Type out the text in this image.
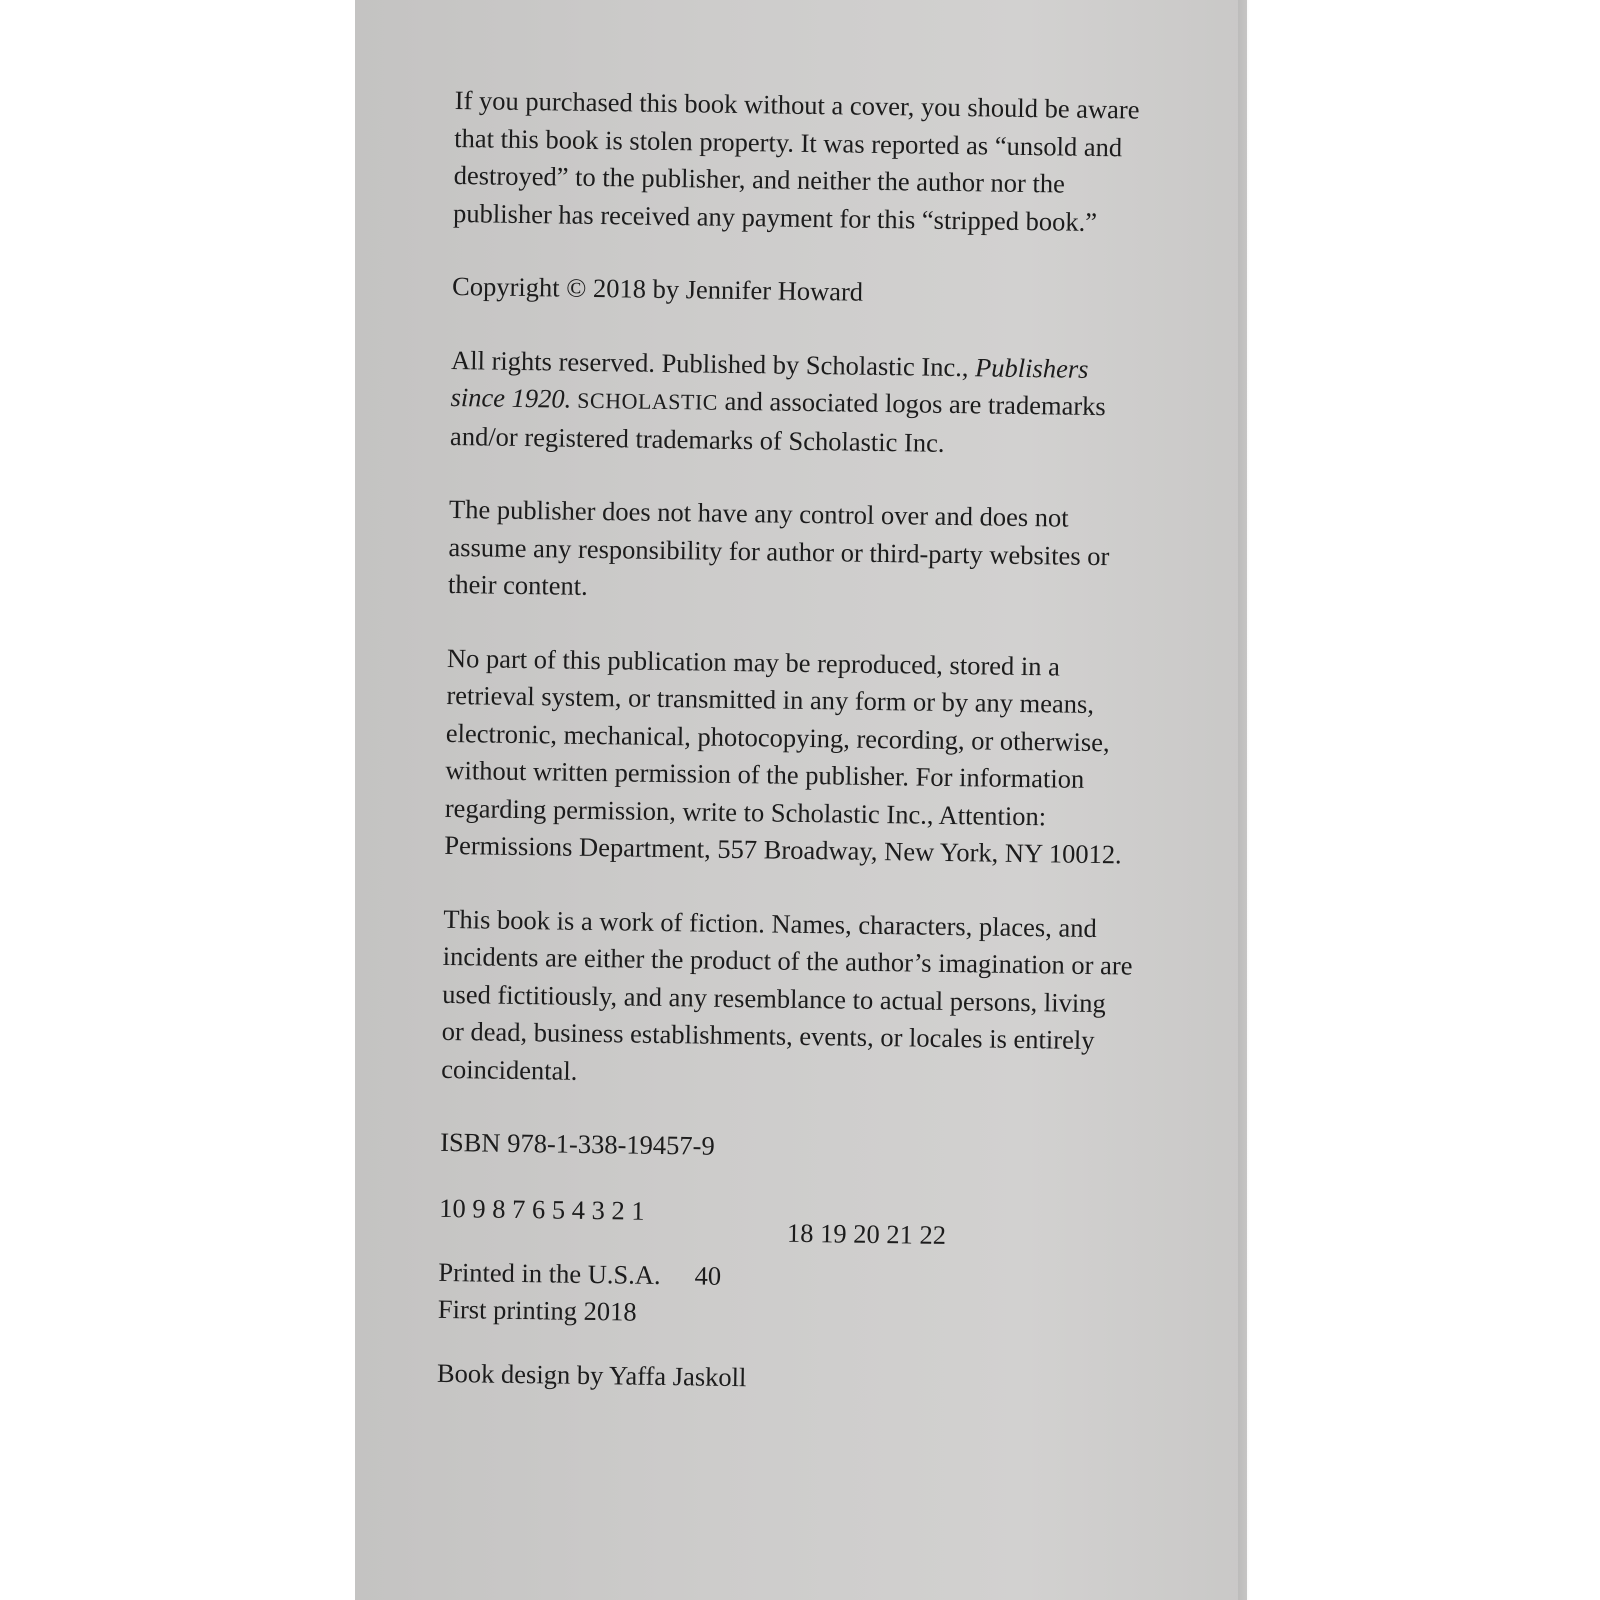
If you purchased this book without a cover, you should be aware that this book is stolen property. It was reported as “unsold and destroyed” to the publisher, and neither the author nor the publisher has received any payment for this “stripped book.”

Copyright © 2018 by Jennifer Howard

All rights reserved. Published by Scholastic Inc., Publishers since 1920. SCHOLASTIC and associated logos are trademarks and/or registered trademarks of Scholastic Inc.

The publisher does not have any control over and does not assume any responsibility for author or third-party websites or their content.

No part of this publication may be reproduced, stored in a retrieval system, or transmitted in any form or by any means, electronic, mechanical, photocopying, recording, or otherwise, without written permission of the publisher. For information regarding permission, write to Scholastic Inc., Attention: Permissions Department, 557 Broadway, New York, NY 10012.

This book is a work of fiction. Names, characters, places, and incidents are either the product of the author’s imagination or are used fictitiously, and any resemblance to actual persons, living or dead, business establishments, events, or locales is entirely coincidental.

ISBN 978-1-338-19457-9

10 9 8 7 6 5 4 3 2 1
18 19 20 21 22

Printed in the U.S.A. 40

First printing 2018

Book design by Yaffa Jaskoll
